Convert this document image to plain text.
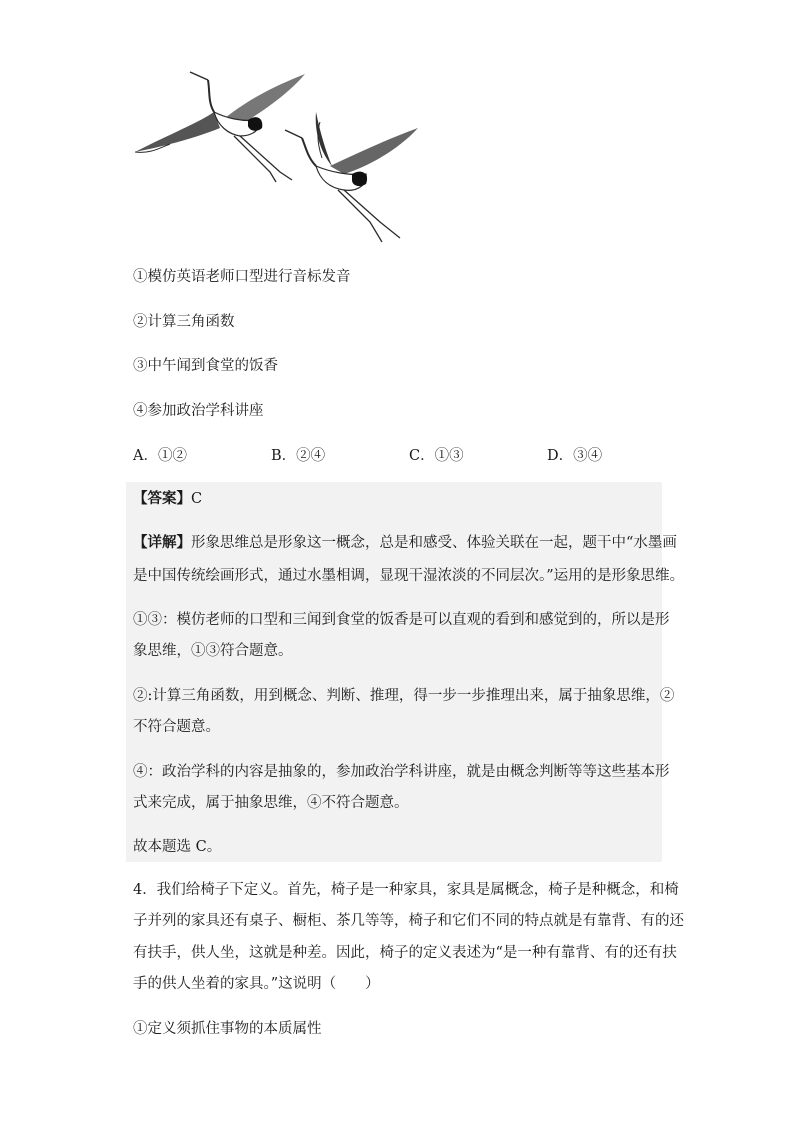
①模仿英语老师口型进行音标发音
②计算三角函数
③中午闻到食堂的饭香
④参加政治学科讲座
A．①②	B．②④	C．①③	D．③④
【答案】C
【详解】形象思维总是形象这一概念，总是和感受、体验关联在一起，题干中“水墨画
是中国传统绘画形式，通过水墨相调，显现干湿浓淡的不同层次。”运用的是形象思维。
①③：模仿老师的口型和三闻到食堂的饭香是可以直观的看到和感觉到的，所以是形
象思维，①③符合题意。
②:计算三角函数，用到概念、判断、推理，得一步一步推理出来，属于抽象思维，②
不符合题意。
④：政治学科的内容是抽象的，参加政治学科讲座，就是由概念判断等等这些基本形
式来完成，属于抽象思维，④不符合题意。
故本题选 C。
4．我们给椅子下定义。首先，椅子是一种家具，家具是属概念，椅子是种概念，和椅
子并列的家具还有桌子、橱柜、茶几等等，椅子和它们不同的特点就是有靠背、有的还
有扶手，供人坐，这就是种差。因此，椅子的定义表述为“是一种有靠背、有的还有扶
手的供人坐着的家具。”这说明（　　）
①定义须抓住事物的本质属性
